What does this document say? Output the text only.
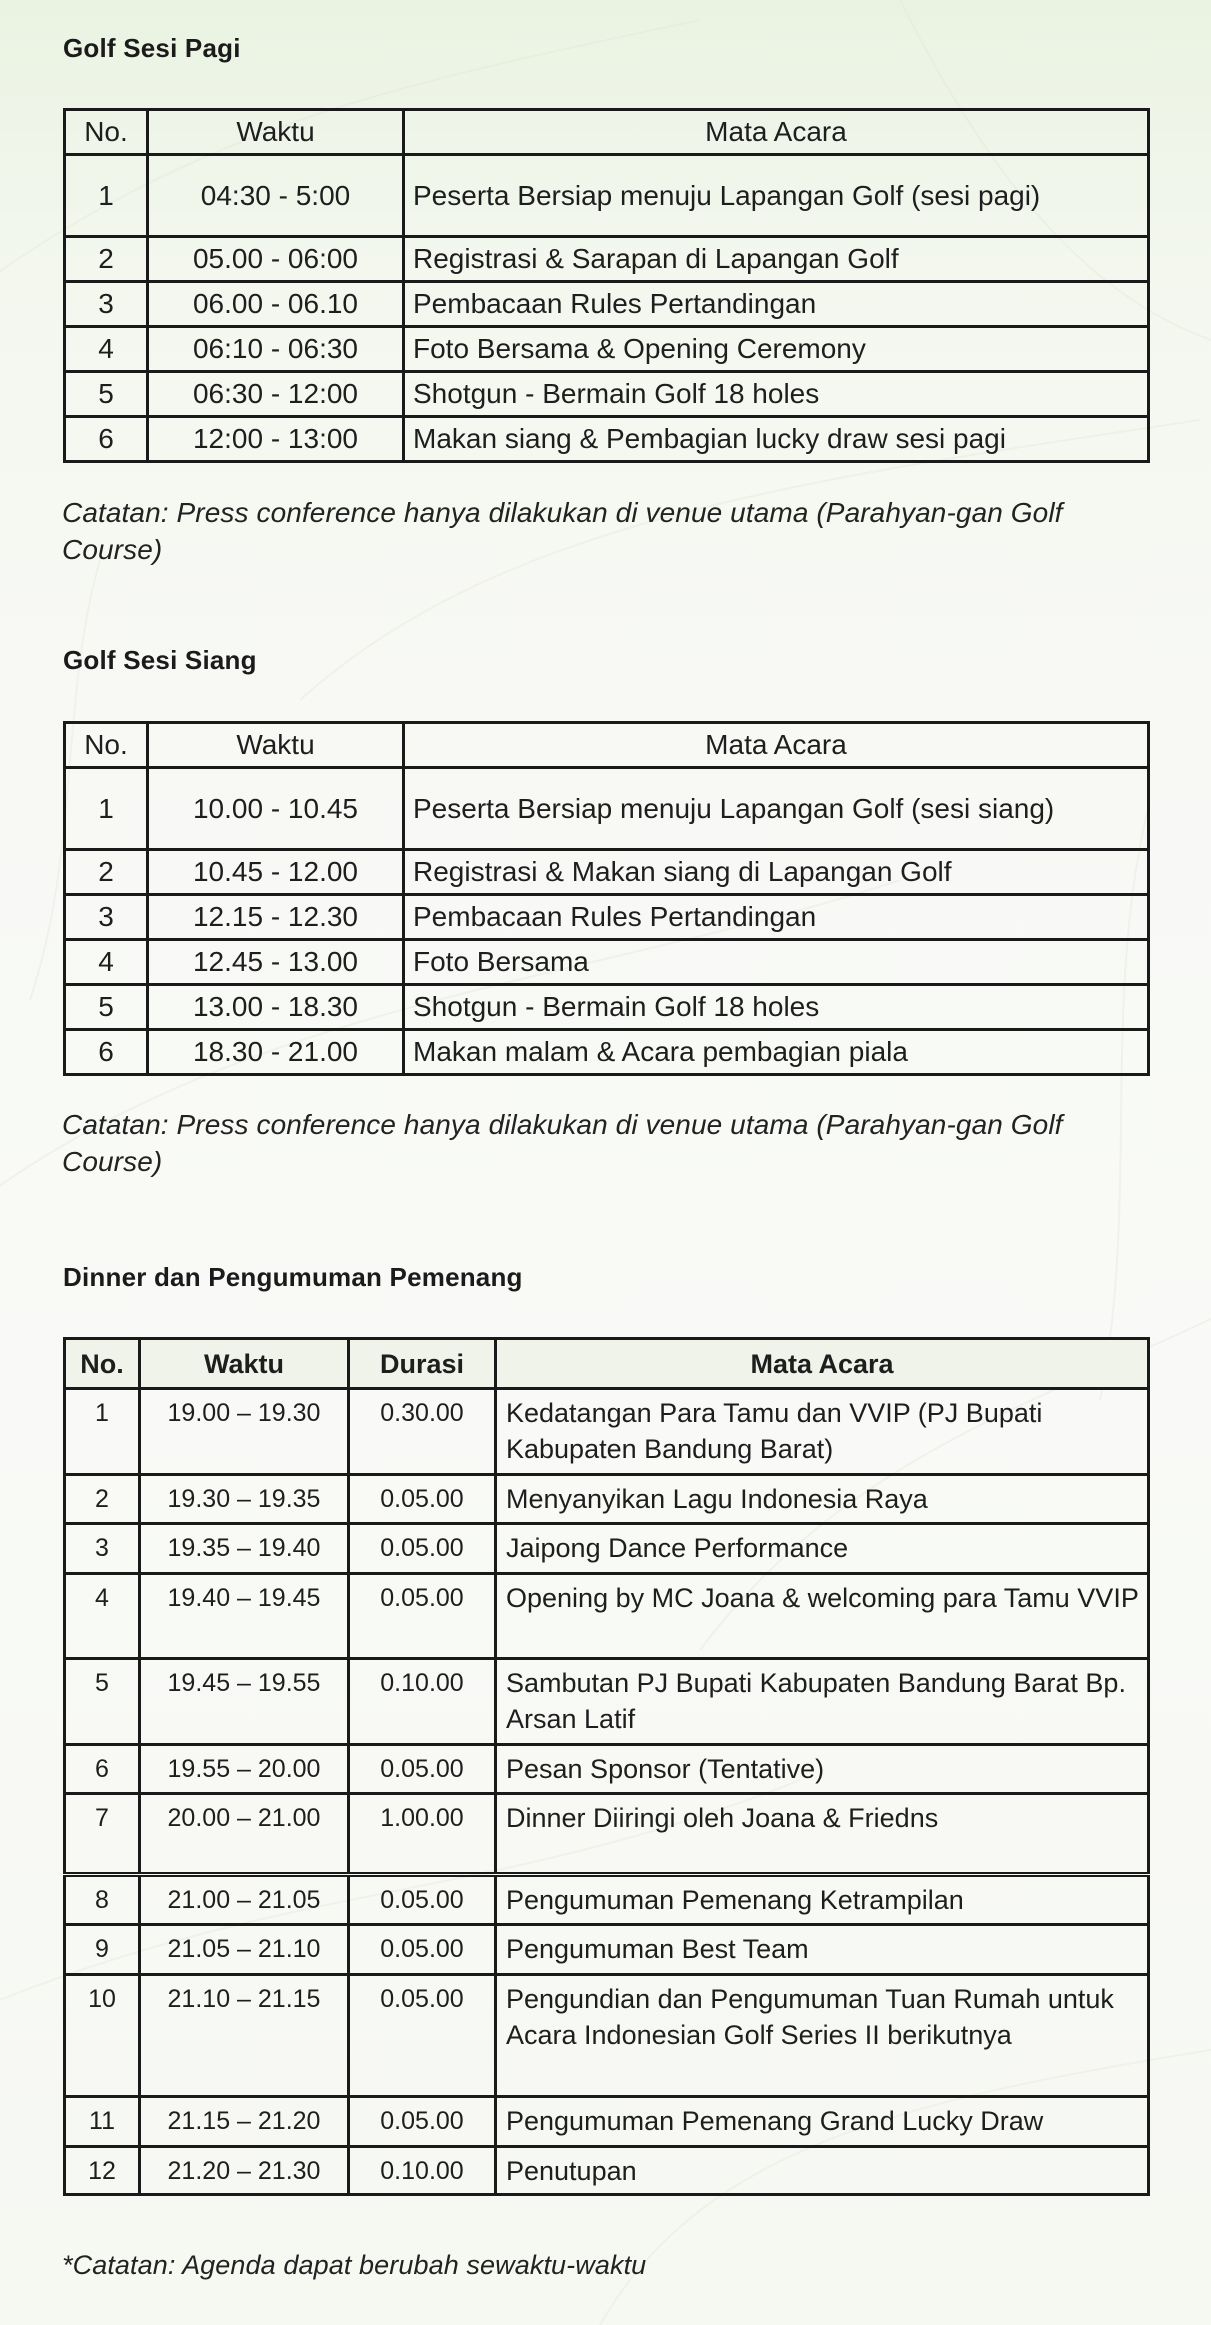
Golf Sesi Pagi
No.	Waktu	Mata Acara
1	04:30 - 5:00	Peserta Bersiap menuju Lapangan Golf (sesi pagi)
2	05.00 - 06:00	Registrasi & Sarapan di Lapangan Golf
3	06.00 - 06.10	Pembacaan Rules Pertandingan
4	06:10 - 06:30	Foto Bersama & Opening Ceremony
5	06:30 - 12:00	Shotgun - Bermain Golf 18 holes
6	12:00 - 13:00	Makan siang & Pembagian lucky draw sesi pagi
Catatan: Press conference hanya dilakukan di venue utama (Parahyan-gan Golf Course)
Golf Sesi Siang
No.	Waktu	Mata Acara
1	10.00 - 10.45	Peserta Bersiap menuju Lapangan Golf (sesi siang)
2	10.45 - 12.00	Registrasi & Makan siang di Lapangan Golf
3	12.15 - 12.30	Pembacaan Rules Pertandingan
4	12.45 - 13.00	Foto Bersama
5	13.00 - 18.30	Shotgun - Bermain Golf 18 holes
6	18.30 - 21.00	Makan malam & Acara pembagian piala
Catatan: Press conference hanya dilakukan di venue utama (Parahyan-gan Golf Course)
Dinner dan Pengumuman Pemenang
No.	Waktu	Durasi	Mata Acara
1	19.00 – 19.30	0.30.00	Kedatangan Para Tamu dan VVIP (PJ Bupati Kabupaten Bandung Barat)
2	19.30 – 19.35	0.05.00	Menyanyikan Lagu Indonesia Raya
3	19.35 – 19.40	0.05.00	Jaipong Dance Performance
4	19.40 – 19.45	0.05.00	Opening by MC Joana & welcoming para Tamu VVIP
5	19.45 – 19.55	0.10.00	Sambutan PJ Bupati Kabupaten Bandung Barat Bp. Arsan Latif
6	19.55 – 20.00	0.05.00	Pesan Sponsor (Tentative)
7	20.00 – 21.00	1.00.00	Dinner Diiringi oleh Joana & Friedns
8	21.00 – 21.05	0.05.00	Pengumuman Pemenang Ketrampilan
9	21.05 – 21.10	0.05.00	Pengumuman Best Team
10	21.10 – 21.15	0.05.00	Pengundian dan Pengumuman Tuan Rumah untuk Acara Indonesian Golf Series II berikutnya
11	21.15 – 21.20	0.05.00	Pengumuman Pemenang Grand Lucky Draw
12	21.20 – 21.30	0.10.00	Penutupan
*Catatan: Agenda dapat berubah sewaktu-waktu
